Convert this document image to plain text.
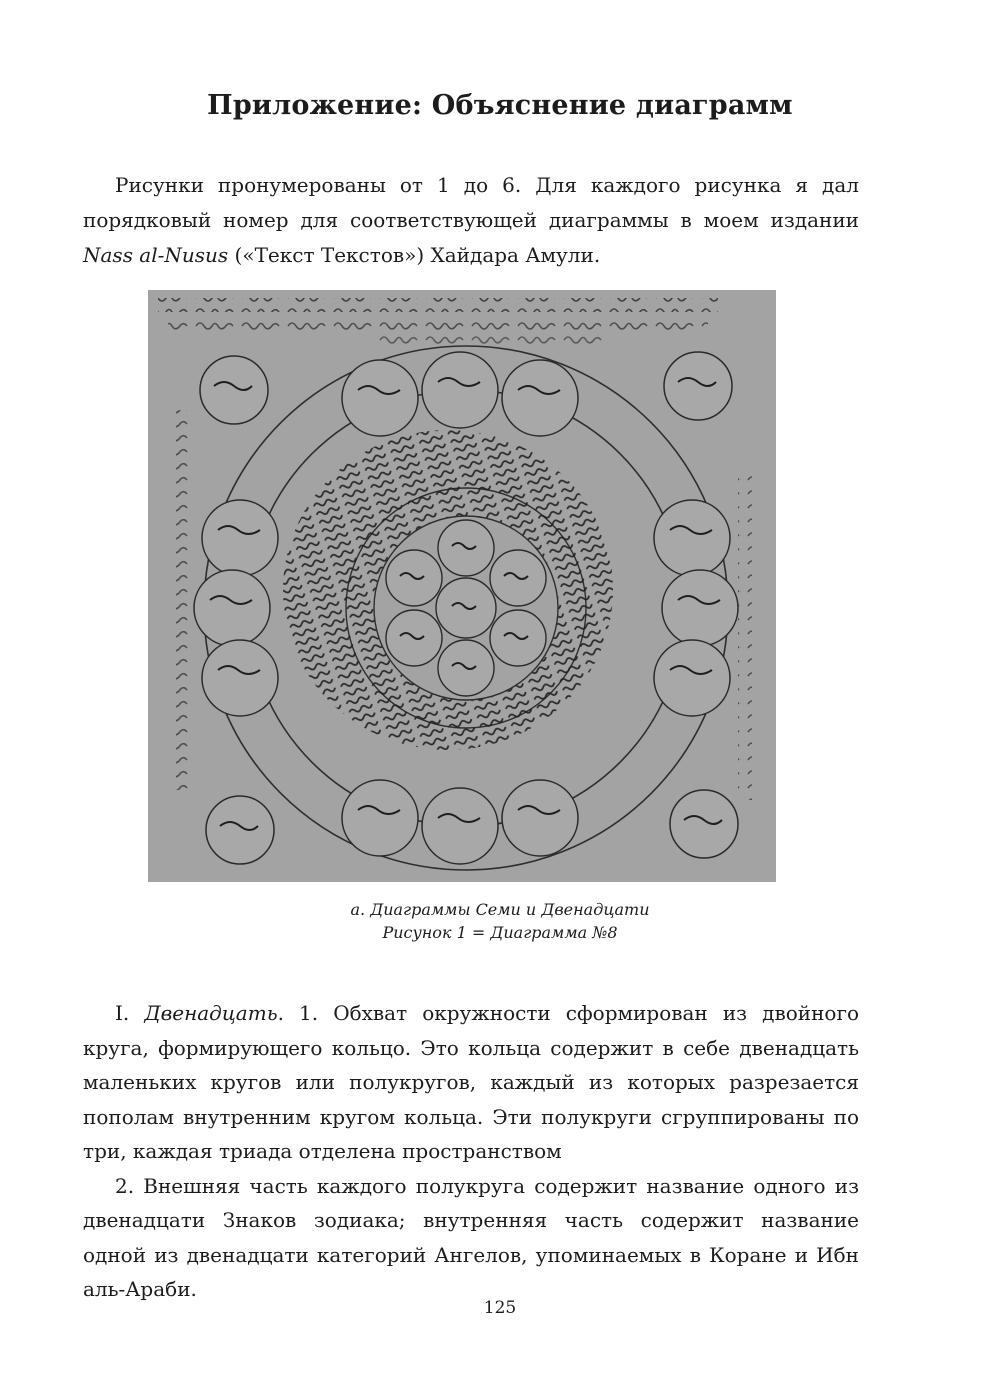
Приложение: Объяснение диаграмм

Рисунки пронумерованы от 1 до 6. Для каждого рисунка я дал порядковый номер для соответствующей диаграммы в моем издании Nass al-Nusus («Текст Текстов») Хайдара Амули.

а. Диаграммы Семи и Двенадцати
Рисунок 1 = Диаграмма №8

I. Двенадцать. 1. Обхват окружности сформирован из двойного круга, формирующего кольцо. Это кольца содержит в себе двенадцать маленьких кругов или полукругов, каждый из которых разрезается пополам внутренним кругом кольца. Эти полукруги сгруппированы по три, каждая триада отделена пространством

2. Внешняя часть каждого полукруга содержит название одного из двенадцати Знаков зодиака; внутренняя часть содержит название одной из двенадцати категорий Ангелов, упоминаемых в Коране и Ибн аль-Араби.

125
